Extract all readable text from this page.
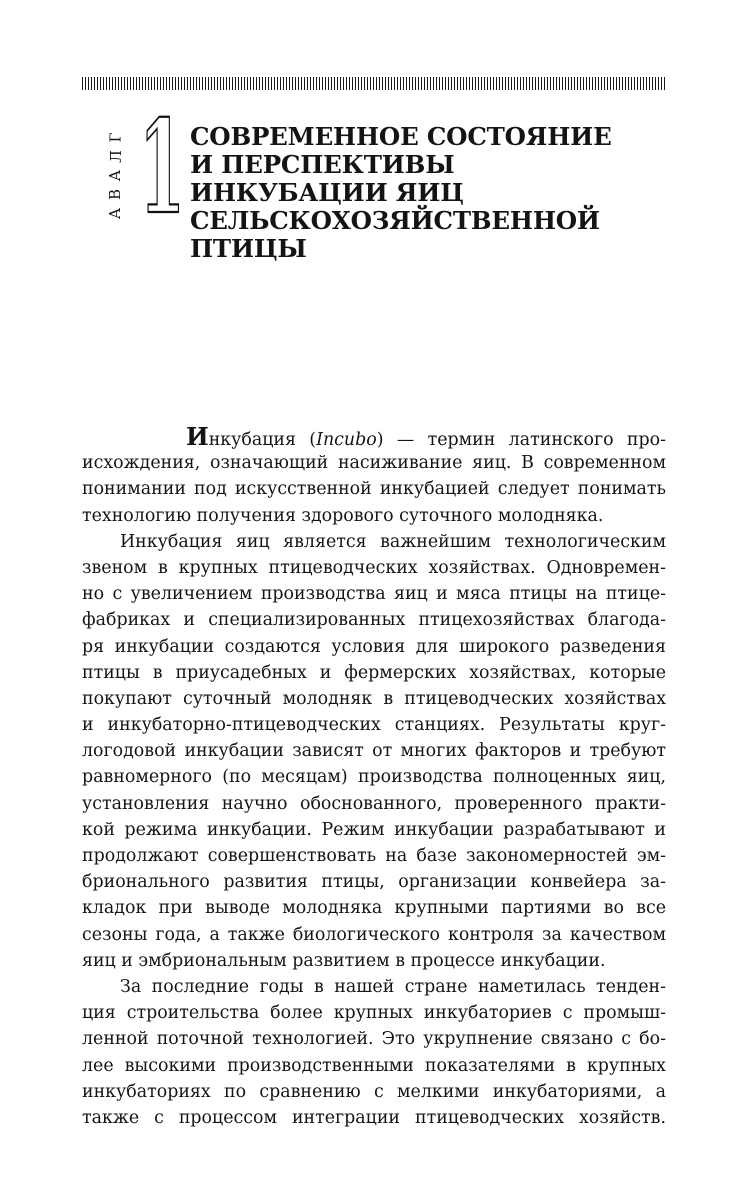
Г
Л
А
В
А 1 СОВРЕМЕННОЕ СОСТОЯНИЕ
И ПЕРСПЕКТИВЫ
ИНКУБАЦИИ ЯИЦ
СЕЛЬСКОХОЗЯЙСТВЕННОЙ
ПТИЦЫ
Инкубация (Incubo) — термин латинского про-
исхождения, означающий насиживание яиц. В современном
понимании под искусственной инкубацией следует понимать
технологию получения здорового суточного молодняка.
Инкубация яиц является важнейшим технологическим
звеном в крупных птицеводческих хозяйствах. Одновремен-
но с увеличением производства яиц и мяса птицы на птице-
фабриках и специализированных птицехозяйствах благода-
ря инкубации создаются условия для широкого разведения
птицы в приусадебных и фермерских хозяйствах, которые
покупают суточный молодняк в птицеводческих хозяйствах
и инкубаторно-птицеводческих станциях. Результаты круг-
логодовой инкубации зависят от многих факторов и требуют
равномерного (по месяцам) производства полноценных яиц,
установления научно обоснованного, проверенного практи-
кой режима инкубации. Режим инкубации разрабатывают и
продолжают совершенствовать на базе закономерностей эм-
брионального развития птицы, организации конвейера за-
кладок при выводе молодняка крупными партиями во все
сезоны года, а также биологического контроля за качеством
яиц и эмбриональным развитием в процессе инкубации.
За последние годы в нашей стране наметилась тенден-
ция строительства более крупных инкубаториев с промыш-
ленной поточной технологией. Это укрупнение связано с бо-
лее высокими производственными показателями в крупных
инкубаториях по сравнению с мелкими инкубаториями, а
также с процессом интеграции птицеводческих хозяйств.
